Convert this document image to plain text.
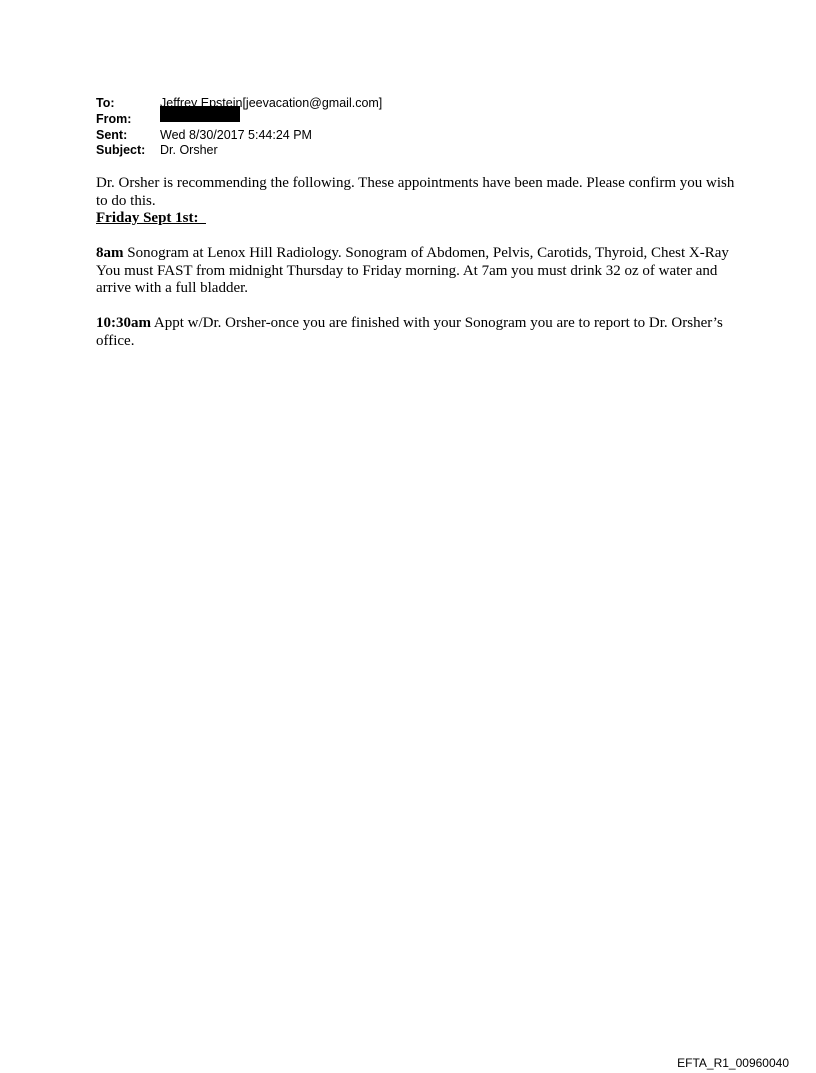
To:	Jeffrey Epstein[jeevacation@gmail.com]
From:
Sent:	Wed 8/30/2017 5:44:24 PM
Subject:	Dr. Orsher

Dr. Orsher is recommending the following. These appointments have been made. Please confirm you wish to do this.

Friday Sept 1st:

8am Sonogram at Lenox Hill Radiology. Sonogram of Abdomen, Pelvis, Carotids, Thyroid, Chest X-Ray

You must FAST from midnight Thursday to Friday morning. At 7am you must drink 32 oz of water and arrive with a full bladder.

10:30am Appt w/Dr. Orsher-once you are finished with your Sonogram you are to report to Dr. Orsher’s office.

EFTA_R1_00960040
